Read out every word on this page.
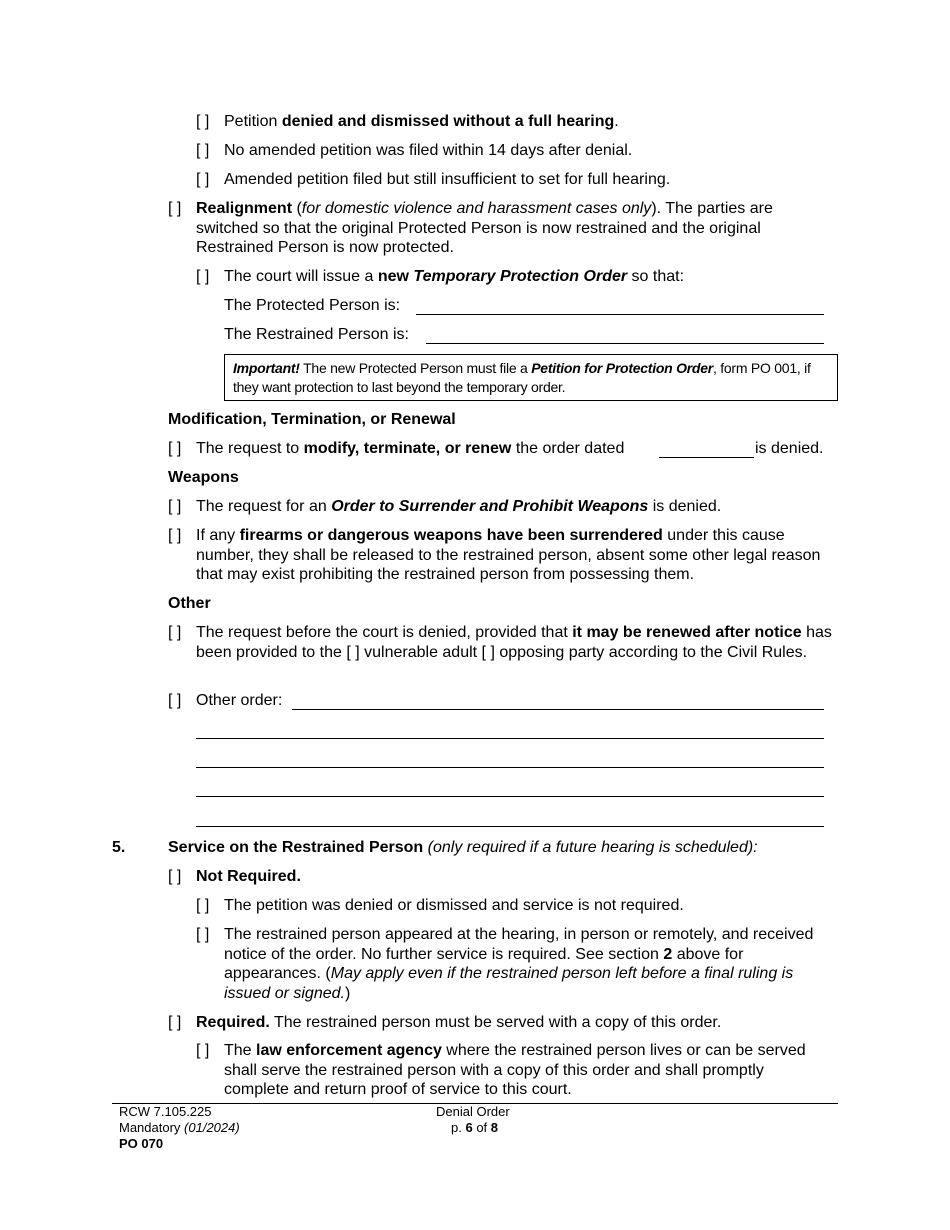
[ ] Petition denied and dismissed without a full hearing.
[ ] No amended petition was filed within 14 days after denial.
[ ] Amended petition filed but still insufficient to set for full hearing.
[ ] Realignment (for domestic violence and harassment cases only). The parties are switched so that the original Protected Person is now restrained and the original Restrained Person is now protected.
[ ] The court will issue a new Temporary Protection Order so that:
The Protected Person is:
The Restrained Person is:
Important! The new Protected Person must file a Petition for Protection Order, form PO 001, if they want protection to last beyond the temporary order.
Modification, Termination, or Renewal
[ ] The request to modify, terminate, or renew the order dated	is denied.
Weapons
[ ] The request for an Order to Surrender and Prohibit Weapons is denied.
[ ] If any firearms or dangerous weapons have been surrendered under this cause number, they shall be released to the restrained person, absent some other legal reason that may exist prohibiting the restrained person from possessing them.
Other
[ ] The request before the court is denied, provided that it may be renewed after notice has been provided to the [ ] vulnerable adult [ ] opposing party according to the Civil Rules.
[ ] Other order:
5.	Service on the Restrained Person (only required if a future hearing is scheduled):
[ ] Not Required.
[ ] The petition was denied or dismissed and service is not required.
[ ] The restrained person appeared at the hearing, in person or remotely, and received notice of the order. No further service is required. See section 2 above for appearances. (May apply even if the restrained person left before a final ruling is issued or signed.)
[ ] Required. The restrained person must be served with a copy of this order.
[ ] The law enforcement agency where the restrained person lives or can be served shall serve the restrained person with a copy of this order and shall promptly complete and return proof of service to this court.
RCW 7.105.225
Mandatory (01/2024)
PO 070
Denial Order
p. 6 of 8
